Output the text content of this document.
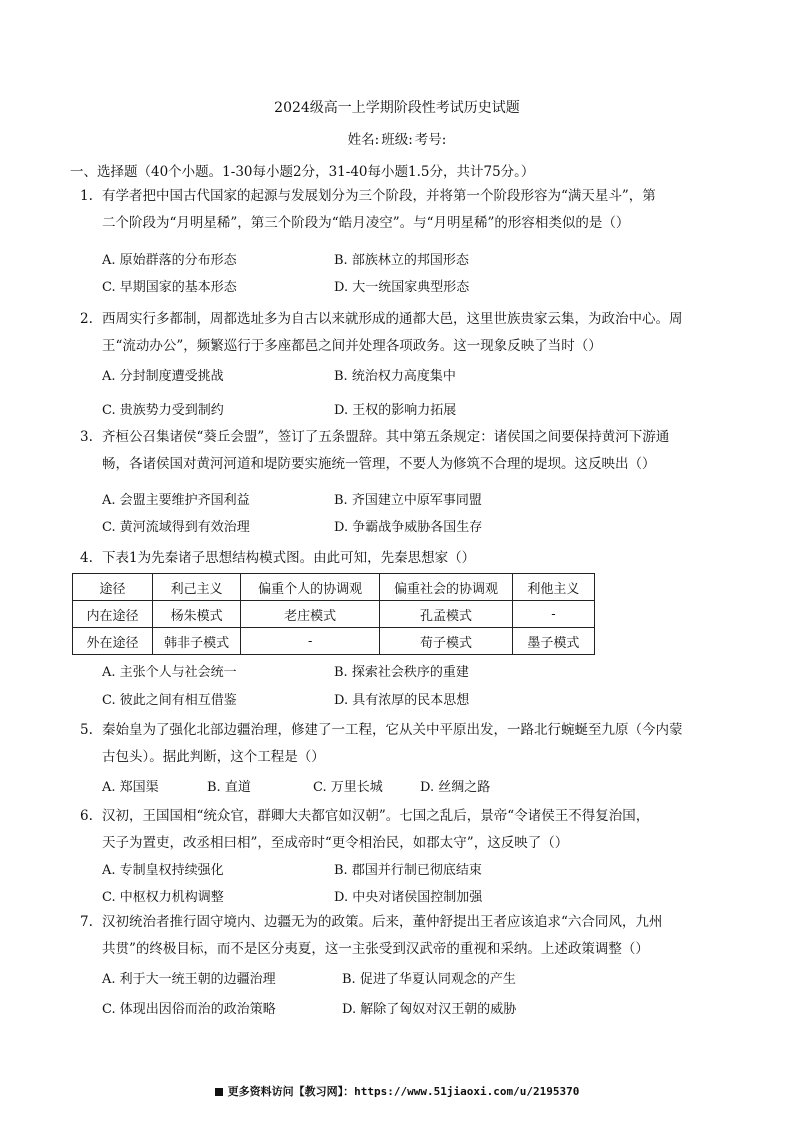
2024级高一上学期阶段性考试历史试题
姓名: 班级: 考号:
一、选择题（40个小题。1-30每小题2分，31-40每小题1.5分，共计75分。）
1. 有学者把中国古代国家的起源与发展划分为三个阶段，并将第一个阶段形容为“满天星斗”，第
二个阶段为“月明星稀”，第三个阶段为“皓月凌空”。与“月明星稀”的形容相类似的是（）
A. 原始群落的分布形态	B. 部族林立的邦国形态
C. 早期国家的基本形态	D. 大一统国家典型形态
2. 西周实行多都制，周都选址多为自古以来就形成的通都大邑，这里世族贵家云集，为政治中心。周
王“流动办公”，频繁巡行于多座都邑之间并处理各项政务。这一现象反映了当时（）
A. 分封制度遭受挑战	B. 统治权力高度集中
C. 贵族势力受到制约	D. 王权的影响力拓展
3. 齐桓公召集诸侯“葵丘会盟”，签订了五条盟辞。其中第五条规定：诸侯国之间要保持黄河下游通
畅，各诸侯国对黄河河道和堤防要实施统一管理，不要人为修筑不合理的堤坝。这反映出（）
A. 会盟主要维护齐国利益	B. 齐国建立中原军事同盟
C. 黄河流域得到有效治理	D. 争霸战争威胁各国生存
4. 下表1为先秦诸子思想结构模式图。由此可知，先秦思想家（）
途径	利己主义	偏重个人的协调观	偏重社会的协调观	利他主义
内在途径	杨朱模式	老庄模式	孔孟模式	-
外在途径	韩非子模式	-	荀子模式	墨子模式
A. 主张个人与社会统一	B. 探索社会秩序的重建
C. 彼此之间有相互借鉴	D. 具有浓厚的民本思想
5. 秦始皇为了强化北部边疆治理，修建了一工程，它从关中平原出发，一路北行蜿蜒至九原（今内蒙
古包头）。据此判断，这个工程是（）
A. 郑国渠	B. 直道	C. 万里长城	D. 丝绸之路
6. 汉初，王国国相“统众官，群卿大夫都官如汉朝”。七国之乱后，景帝“令诸侯王不得复治国，
天子为置吏，改丞相曰相”，至成帝时“更令相治民，如郡太守”，这反映了（）
A. 专制皇权持续强化	B. 郡国并行制已彻底结束
C. 中枢权力机构调整	D. 中央对诸侯国控制加强
7. 汉初统治者推行固守境内、边疆无为的政策。后来，董仲舒提出王者应该追求“六合同风，九州
共贯”的终极目标，而不是区分夷夏，这一主张受到汉武帝的重视和采纳。上述政策调整（）
A. 利于大一统王朝的边疆治理	B. 促进了华夏认同观念的产生
C. 体现出因俗而治的政治策略	D. 解除了匈奴对汉王朝的威胁
更多资料访问【教习网】：https://www.51jiaoxi.com/u/2195370
